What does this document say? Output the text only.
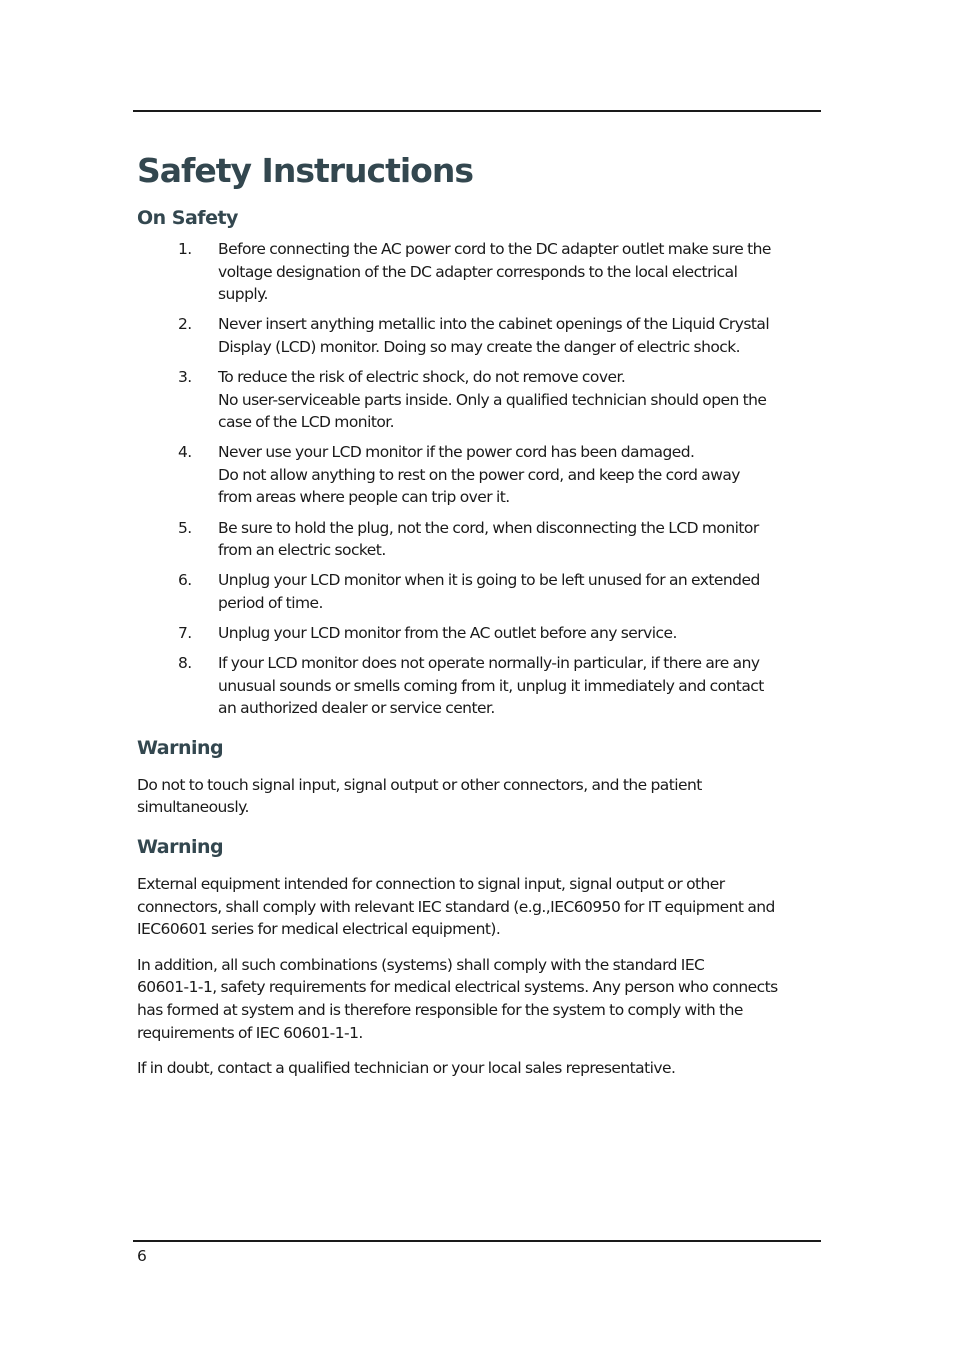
Safety Instructions
On Safety
1. Before connecting the AC power cord to the DC adapter outlet make sure the
voltage designation of the DC adapter corresponds to the local electrical
supply.
2. Never insert anything metallic into the cabinet openings of the Liquid Crystal
Display (LCD) monitor. Doing so may create the danger of electric shock.
3. To reduce the risk of electric shock, do not remove cover.
No user-serviceable parts inside. Only a qualified technician should open the
case of the LCD monitor.
4. Never use your LCD monitor if the power cord has been damaged.
Do not allow anything to rest on the power cord, and keep the cord away
from areas where people can trip over it.
5. Be sure to hold the plug, not the cord, when disconnecting the LCD monitor
from an electric socket.
6. Unplug your LCD monitor when it is going to be left unused for an extended
period of time.
7. Unplug your LCD monitor from the AC outlet before any service.
8. If your LCD monitor does not operate normally-in particular, if there are any
unusual sounds or smells coming from it, unplug it immediately and contact
an authorized dealer or service center.
Warning

Do not to touch signal input, signal output or other connectors, and the patient
simultaneously.

Warning

External equipment intended for connection to signal input, signal output or other
connectors, shall comply with relevant IEC standard (e.g.,IEC60950 for IT equipment and
IEC60601 series for medical electrical equipment).

In addition, all such combinations (systems) shall comply with the standard IEC
60601-1-1, safety requirements for medical electrical systems. Any person who connects
has formed at system and is therefore responsible for the system to comply with the
requirements of IEC 60601-1-1.

If in doubt, contact a qualified technician or your local sales representative.

6
